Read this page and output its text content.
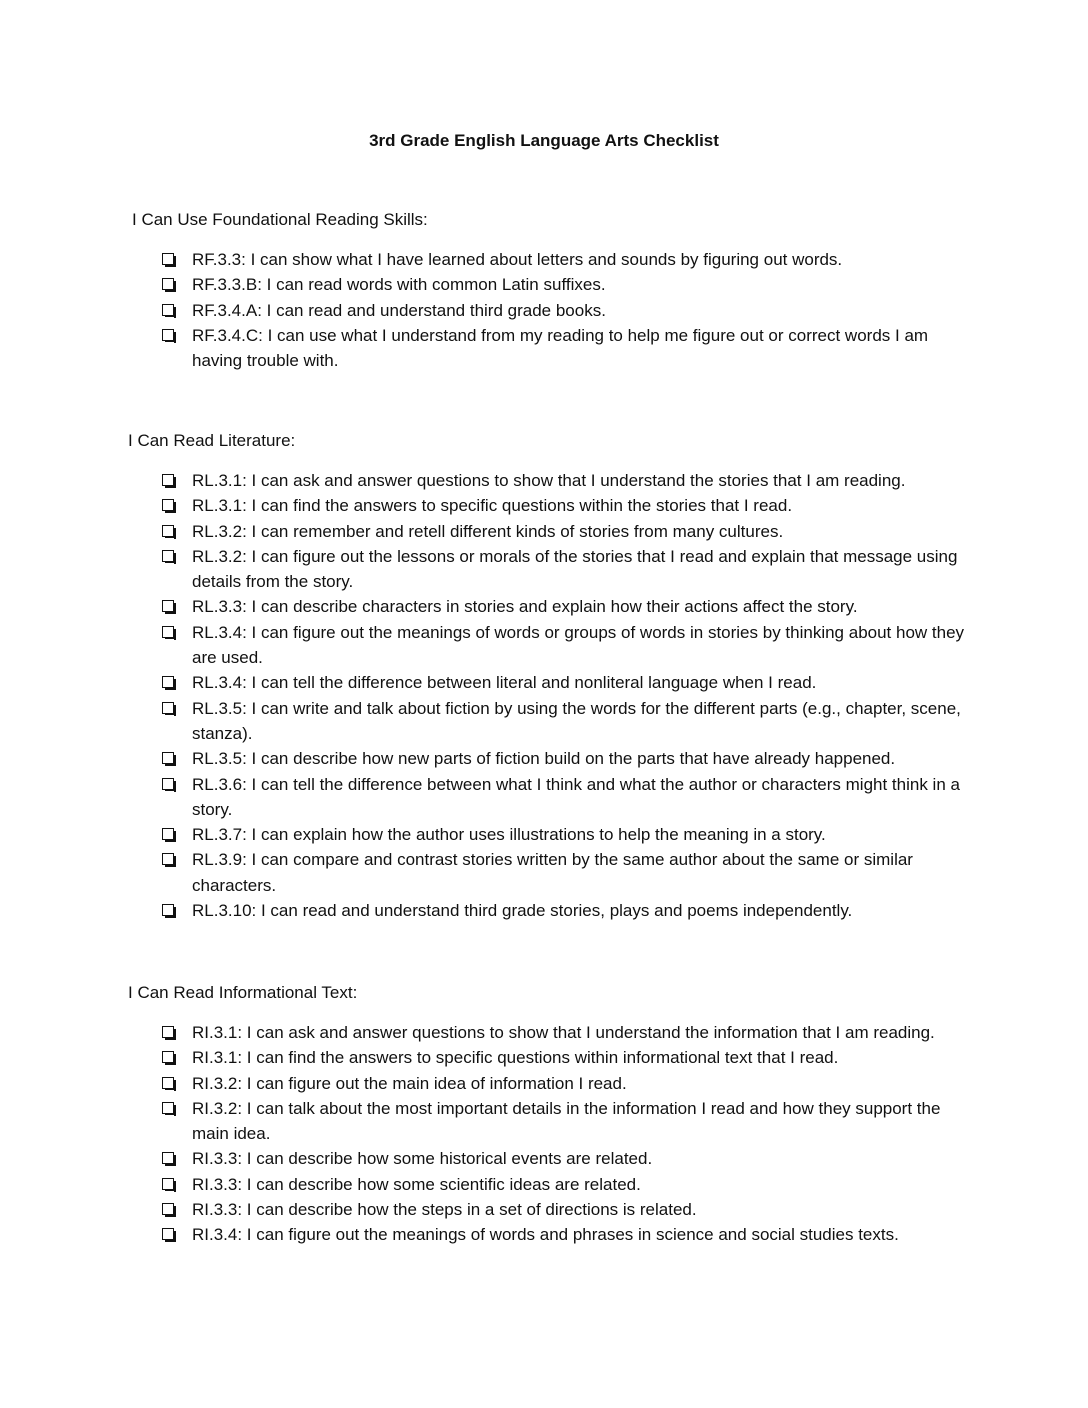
3rd Grade English Language Arts Checklist
I Can Use Foundational Reading Skills:
RF.3.3: I can show what I have learned about letters and sounds by figuring out words.
RF.3.3.B: I can read words with common Latin suffixes.
RF.3.4.A: I can read and understand third grade books.
RF.3.4.C: I can use what I understand from my reading to help me figure out or correct words I am having trouble with.
I Can Read Literature:
RL.3.1: I can ask and answer questions to show that I understand the stories that I am reading.
RL.3.1: I can find the answers to specific questions within the stories that I read.
RL.3.2: I can remember and retell different kinds of stories from many cultures.
RL.3.2: I can figure out the lessons or morals of the stories that I read and explain that message using details from the story.
RL.3.3: I can describe characters in stories and explain how their actions affect the story.
RL.3.4: I can figure out the meanings of words or groups of words in stories by thinking about how they are used.
RL.3.4: I can tell the difference between literal and nonliteral language when I read.
RL.3.5: I can write and talk about fiction by using the words for the different parts (e.g., chapter, scene, stanza).
RL.3.5: I can describe how new parts of fiction build on the parts that have already happened.
RL.3.6: I can tell the difference between what I think and what the author or characters might think in a story.
RL.3.7: I can explain how the author uses illustrations to help the meaning in a story.
RL.3.9: I can compare and contrast stories written by the same author about the same or similar characters.
RL.3.10: I can read and understand third grade stories, plays and poems independently.
I Can Read Informational Text:
RI.3.1: I can ask and answer questions to show that I understand the information that I am reading.
RI.3.1: I can find the answers to specific questions within informational text that I read.
RI.3.2: I can figure out the main idea of information I read.
RI.3.2: I can talk about the most important details in the information I read and how they support the main idea.
RI.3.3: I can describe how some historical events are related.
RI.3.3: I can describe how some scientific ideas are related.
RI.3.3: I can describe how the steps in a set of directions is related.
RI.3.4: I can figure out the meanings of words and phrases in science and social studies texts.
